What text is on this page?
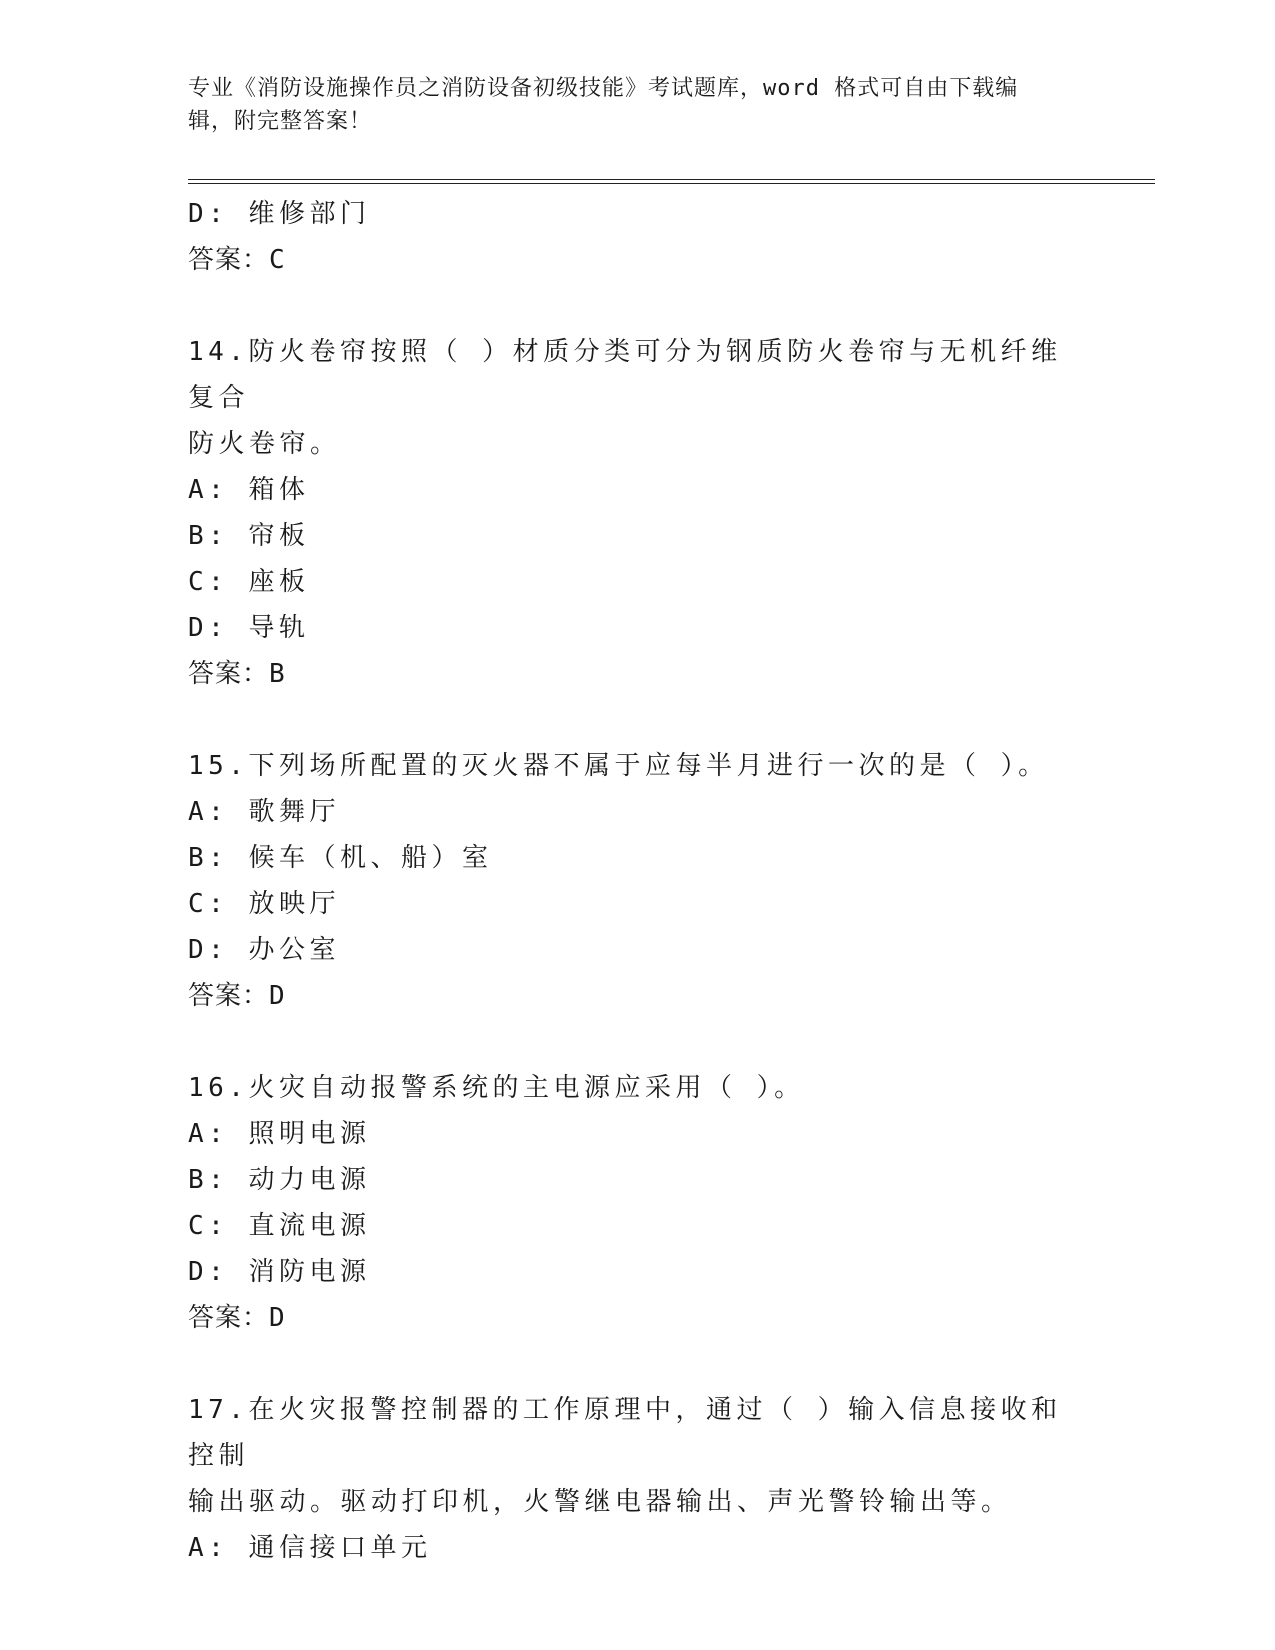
专业《消防设施操作员之消防设备初级技能》考试题库，word 格式可自由下载编
辑，附完整答案！
D: 维修部门
答案：C
14.防火卷帘按照（ ）材质分类可分为钢质防火卷帘与无机纤维复合
防火卷帘。
A: 箱体
B: 帘板
C: 座板
D: 导轨
答案：B
15.下列场所配置的灭火器不属于应每半月进行一次的是（ ）。
A: 歌舞厅
B: 候车（机、船）室
C: 放映厅
D: 办公室
答案：D
16.火灾自动报警系统的主电源应采用（ ）。
A: 照明电源
B: 动力电源
C: 直流电源
D: 消防电源
答案：D
17.在火灾报警控制器的工作原理中，通过（ ）输入信息接收和控制
输出驱动。驱动打印机，火警继电器输出、声光警铃输出等。
A: 通信接口单元
